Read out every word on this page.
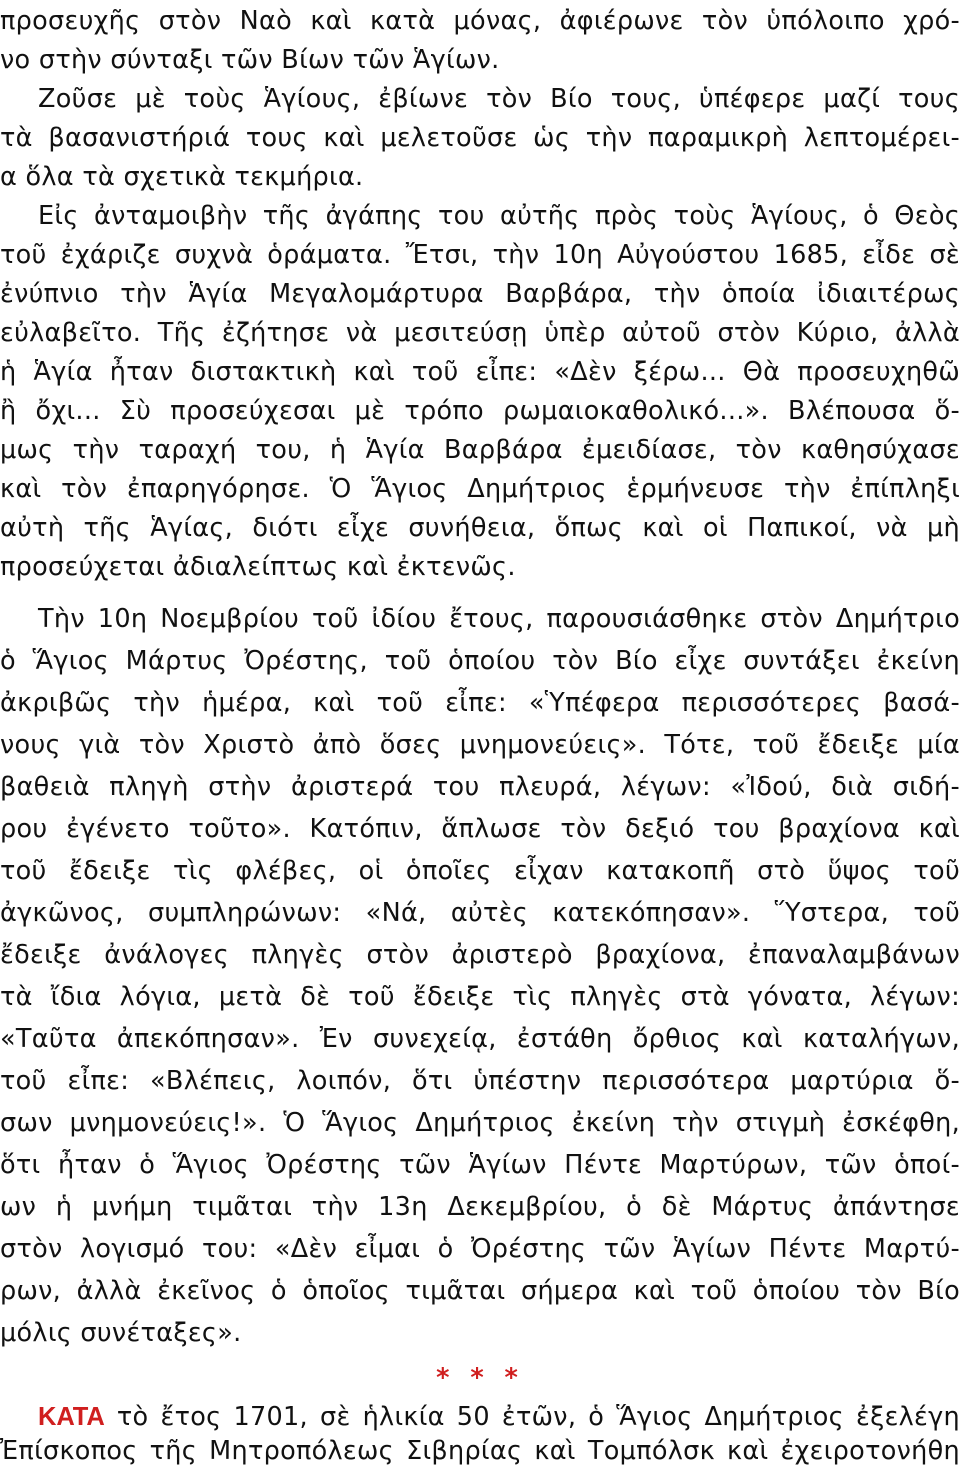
προσευχῆς στὸν Ναὸ καὶ κατὰ μόνας, ἀφιέρωνε τὸν ὑπόλοιπο χρό-
νο στὴν σύνταξι τῶν Βίων τῶν Ἁγίων.
Ζοῦσε μὲ τοὺς Ἁγίους, ἐβίωνε τὸν Βίο τους, ὑπέφερε μαζί τους
τὰ βασανιστήριά τους καὶ μελετοῦσε ὡς τὴν παραμικρὴ λεπτομέρει-
α ὅλα τὰ σχετικὰ τεκμήρια.
Εἰς ἀνταμοιβὴν τῆς ἀγάπης του αὐτῆς πρὸς τοὺς Ἁγίους, ὁ Θεὸς
τοῦ ἐχάριζε συχνὰ ὁράματα. Ἔτσι, τὴν 10η Αὐγούστου 1685, εἶδε σὲ
ἐνύπνιο τὴν Ἁγία Μεγαλομάρτυρα Βαρβάρα, τὴν ὁποία ἰδιαιτέρως
εὐλαβεῖτο. Τῆς ἐζήτησε νὰ μεσιτεύσῃ ὑπὲρ αὐτοῦ στὸν Κύριο, ἀλλὰ
ἡ Ἁγία ἦταν διστακτικὴ καὶ τοῦ εἶπε: «Δὲν ξέρω... Θὰ προσευχηθῶ
ἢ ὄχι... Σὺ προσεύχεσαι μὲ τρόπο ρωμαιοκαθολικό...». Βλέπουσα ὅ-
μως τὴν ταραχή του, ἡ Ἁγία Βαρβάρα ἐμειδίασε, τὸν καθησύχασε
καὶ τὸν ἐπαρηγόρησε. Ὁ Ἅγιος Δημήτριος ἑρμήνευσε τὴν ἐπίπληξι
αὐτὴ τῆς Ἁγίας, διότι εἶχε συνήθεια, ὅπως καὶ οἱ Παπικοί, νὰ μὴ
προσεύχεται ἀδιαλείπτως καὶ ἐκτενῶς.
Τὴν 10η Νοεμβρίου τοῦ ἰδίου ἔτους, παρουσιάσθηκε στὸν Δημήτριο
ὁ Ἅγιος Μάρτυς Ὀρέστης, τοῦ ὁποίου τὸν Βίο εἶχε συντάξει ἐκείνη
ἀκριβῶς τὴν ἡμέρα, καὶ τοῦ εἶπε: «Ὑπέφερα περισσότερες βασά-
νους γιὰ τὸν Χριστὸ ἀπὸ ὅσες μνημονεύεις». Τότε, τοῦ ἔδειξε μία
βαθειὰ πληγὴ στὴν ἀριστερά του πλευρά, λέγων: «Ἰδού, διὰ σιδή-
ρου ἐγένετο τοῦτο». Κατόπιν, ἅπλωσε τὸν δεξιό του βραχίονα καὶ
τοῦ ἔδειξε τὶς φλέβες, οἱ ὁποῖες εἶχαν κατακοπῆ στὸ ὕψος τοῦ
ἀγκῶνος, συμπληρώνων: «Νά, αὐτὲς κατεκόπησαν». Ὕστερα, τοῦ
ἔδειξε ἀνάλογες πληγὲς στὸν ἀριστερὸ βραχίονα, ἐπαναλαμβάνων
τὰ ἴδια λόγια, μετὰ δὲ τοῦ ἔδειξε τὶς πληγὲς στὰ γόνατα, λέγων:
«Ταῦτα ἀπεκόπησαν». Ἐν συνεχείᾳ, ἐστάθη ὄρθιος καὶ καταλήγων,
τοῦ εἶπε: «Βλέπεις, λοιπόν, ὅτι ὑπέστην περισσότερα μαρτύρια ὅ-
σων μνημονεύεις!». Ὁ Ἅγιος Δημήτριος ἐκείνη τὴν στιγμὴ ἐσκέφθη,
ὅτι ἦταν ὁ Ἅγιος Ὀρέστης τῶν Ἁγίων Πέντε Μαρτύρων, τῶν ὁποί-
ων ἡ μνήμη τιμᾶται τὴν 13η Δεκεμβρίου, ὁ δὲ Μάρτυς ἀπάντησε
στὸν λογισμό του: «Δὲν εἶμαι ὁ Ὀρέστης τῶν Ἁγίων Πέντε Μαρτύ-
ρων, ἀλλὰ ἐκεῖνος ὁ ὁποῖος τιμᾶται σήμερα καὶ τοῦ ὁποίου τὸν Βίο
μόλις συνέταξες».
* * *
ΚΑΤΑ τὸ ἔτος 1701, σὲ ἡλικία 50 ἐτῶν, ὁ Ἅγιος Δημήτριος ἐξελέγη
Ἐπίσκοπος τῆς Μητροπόλεως Σιβηρίας καὶ Τομπόλσκ καὶ ἐχειροτονήθη
